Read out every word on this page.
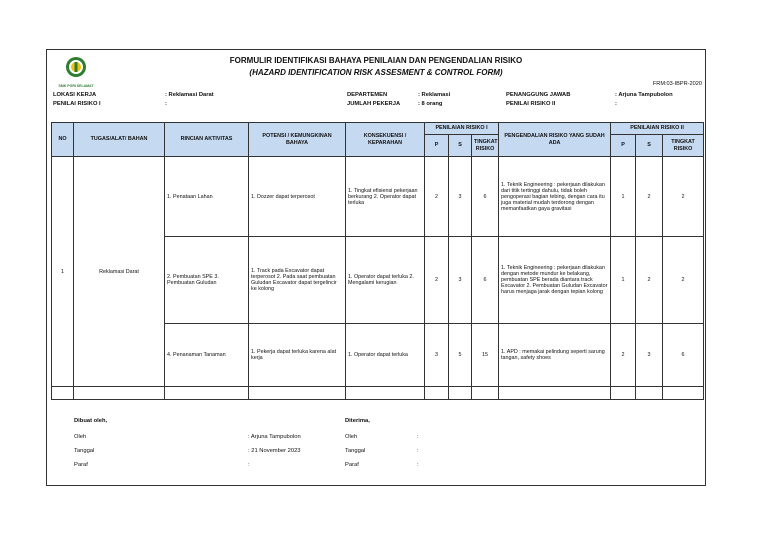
SMK PGRI SELAMAT
FORMULIR IDENTIFIKASI BAHAYA PENILAIAN DAN PENGENDALIAN RISIKO
(HAZARD IDENTIFICATION RISK ASSESMENT & CONTROL FORM)
FRM:03-IBPR-2020
LOKASI KERJA	: Reklamasi Darat
PENILAI RISIKO I	:
DEPARTEMEN	: Reklamasi
JUMLAH PEKERJA	: 8 orang
PENANGGUNG JAWAB	: Arjuna Tampubolon
PENILAI RISIKO II	:
NO	TUGAS/ALAT/ BAHAN	RINCIAN AKTIVITAS	POTENSI / KEMUNGKINAN BAHAYA	KONSEKUENSI / KEPARAHAN	PENILAIAN RISIKO I			PENGENDALIAN RISIKO YANG SUDAH ADA	PENILAIAN RISIKO II		
					P	S	TINGKAT RISIKO		P	S	TINGKAT RISIKO
1	Reklamasi Darat	1. Penataan Lahan	1. Dozzer dapat terperosot	1. Tingkat efisiensi pekerjaan berkurang 2. Operator dapat terluka	2	3	6	1. Teknik Engineering : pekerjaan dilakukan dari titik tertinggi dahulu, tidak boleh pengoperasi bagian tebing, dengan cara itu juga material mudah terdorong dengan memanfaatkan gaya gravitasi	1	2	2
		2. Pembuatan SPE 3. Pembuatan Guludan	1. Track pada Excavator dapat terperosot 2. Pada saat pembuatan Guludan Excavator dapat tergelincir ke kolong	1. Operator dapat terluka 2. Mengalami kerugian	2	3	6	1. Teknik Engineering : pekerjaan dilakukan dengan metode mundur ke belakang, pembuatan SPE berada diantara track Excavator 2. Pembuatan Guludan Excavator harus menjaga jarak dengan tepian kolong	1	2	2
		4. Penanaman Tanaman	1. Pekerja dapat terluka karena alat kerja	1. Operator dapat terluka	3	5	15	1. APD : memakai pelindung seperti sarung tangan, safety shoes	2	3	6

Dibuat oleh,
Oleh	: Arjuna Tampubolon
Tanggal	: 21 November 2023
Paraf	:
Diterima,
Oleh	:
Tanggal	:
Paraf	:
